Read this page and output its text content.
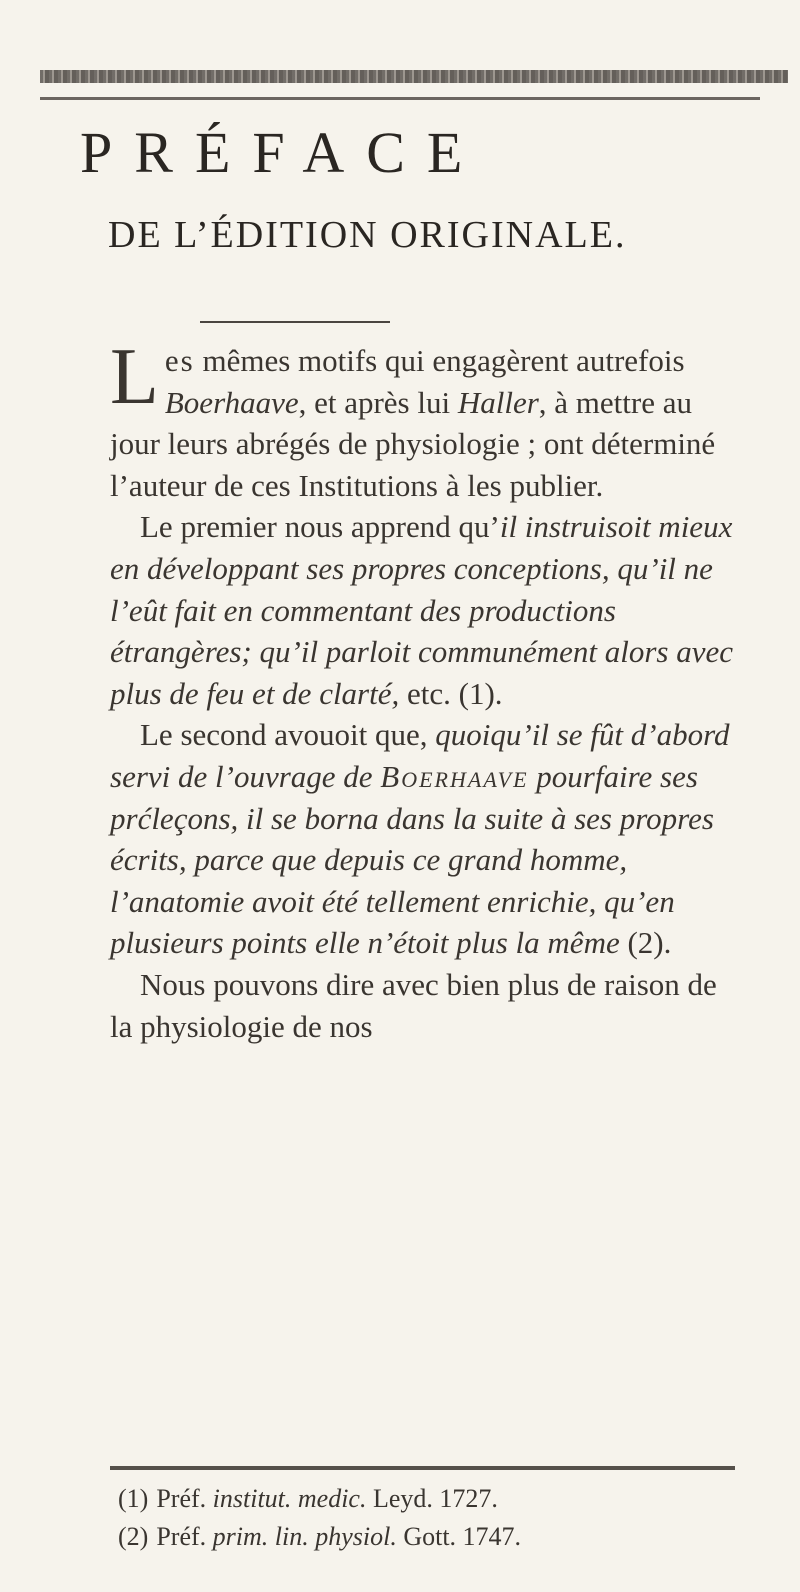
PRÉFACE
DE L’ÉDITION ORIGINALE.

Les mêmes motifs qui engagèrent autrefois Boerhaave, et après lui Haller, à mettre au jour leurs abrégés de physiologie ; ont déterminé l’auteur de ces Institutions à les publier.

Le premier nous apprend qu’il instruisoit mieux en développant ses propres conceptions, qu’il ne l’eût fait en commentant des productions étrangères; qu’il parloit communément alors avec plus de feu et de clarté, etc. (1).

Le second avouoit que, quoiqu’il se fût d’abord servi de l’ouvrage de Boerhaave pourfaire ses prćleçons, il se borna dans la suite à ses propres écrits, parce que depuis ce grand homme, l’anatomie avoit été tellement enrichie, qu’en plusieurs points elle n’étoit plus la même (2).

Nous pouvons dire avec bien plus de raison de la physiologie de nos

(1) Préf. institut. medic. Leyd. 1727.

(2) Préf. prim. lin. physiol. Gott. 1747.
